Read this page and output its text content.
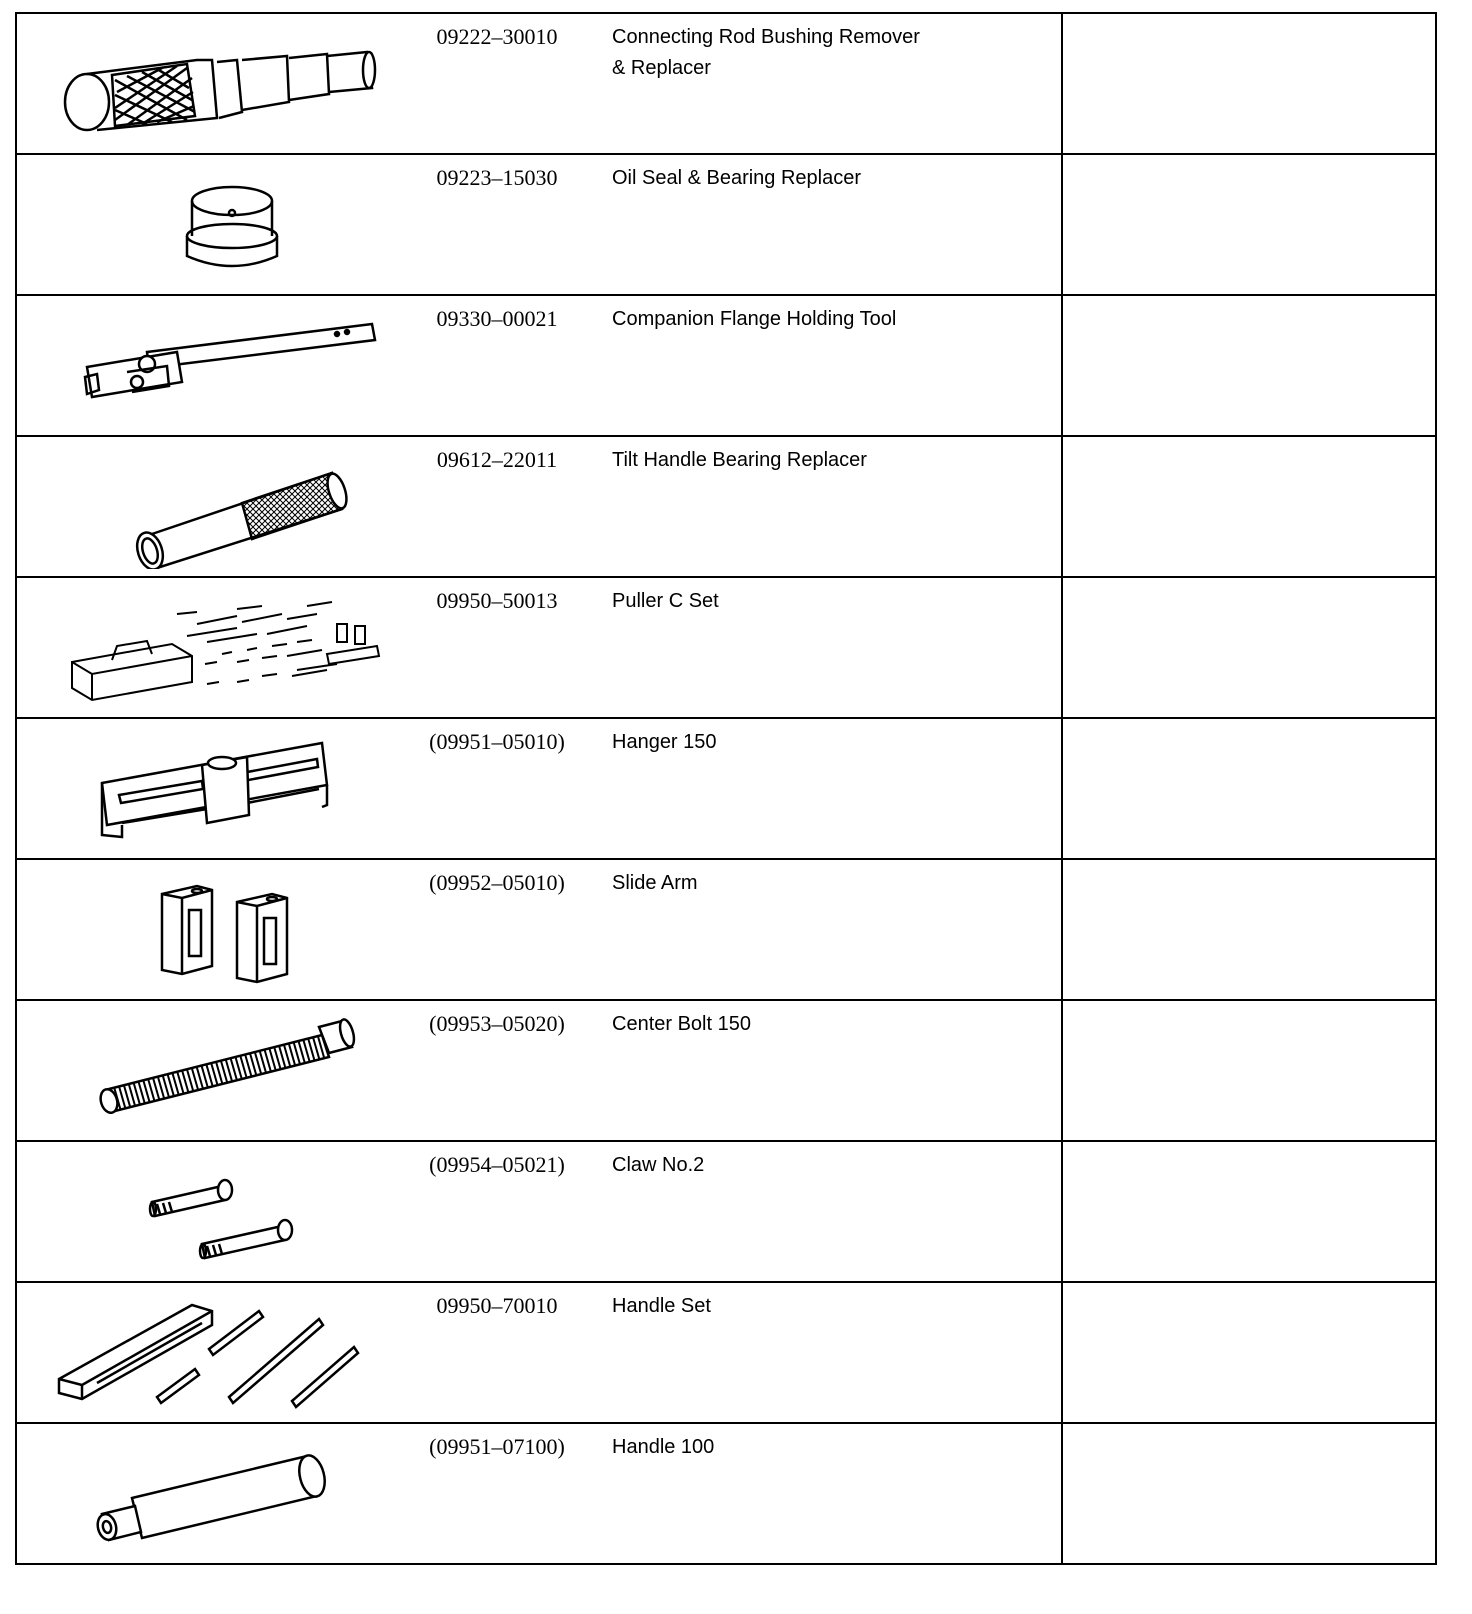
09222–30010 Connecting Rod Bushing Remover
& Replacer	

09223–15030 Oil Seal & Bearing Replacer	

09330–00021 Companion Flange Holding Tool	

09612–22011 Tilt Handle Bearing Replacer	

09950–50013 Puller C Set	

(09951–05010) Hanger 150	

(09952–05010) Slide Arm	

(09953–05020) Center Bolt 150	

(09954–05021) Claw No.2	

09950–70010 Handle Set	

(09951–07100) Handle 100	
